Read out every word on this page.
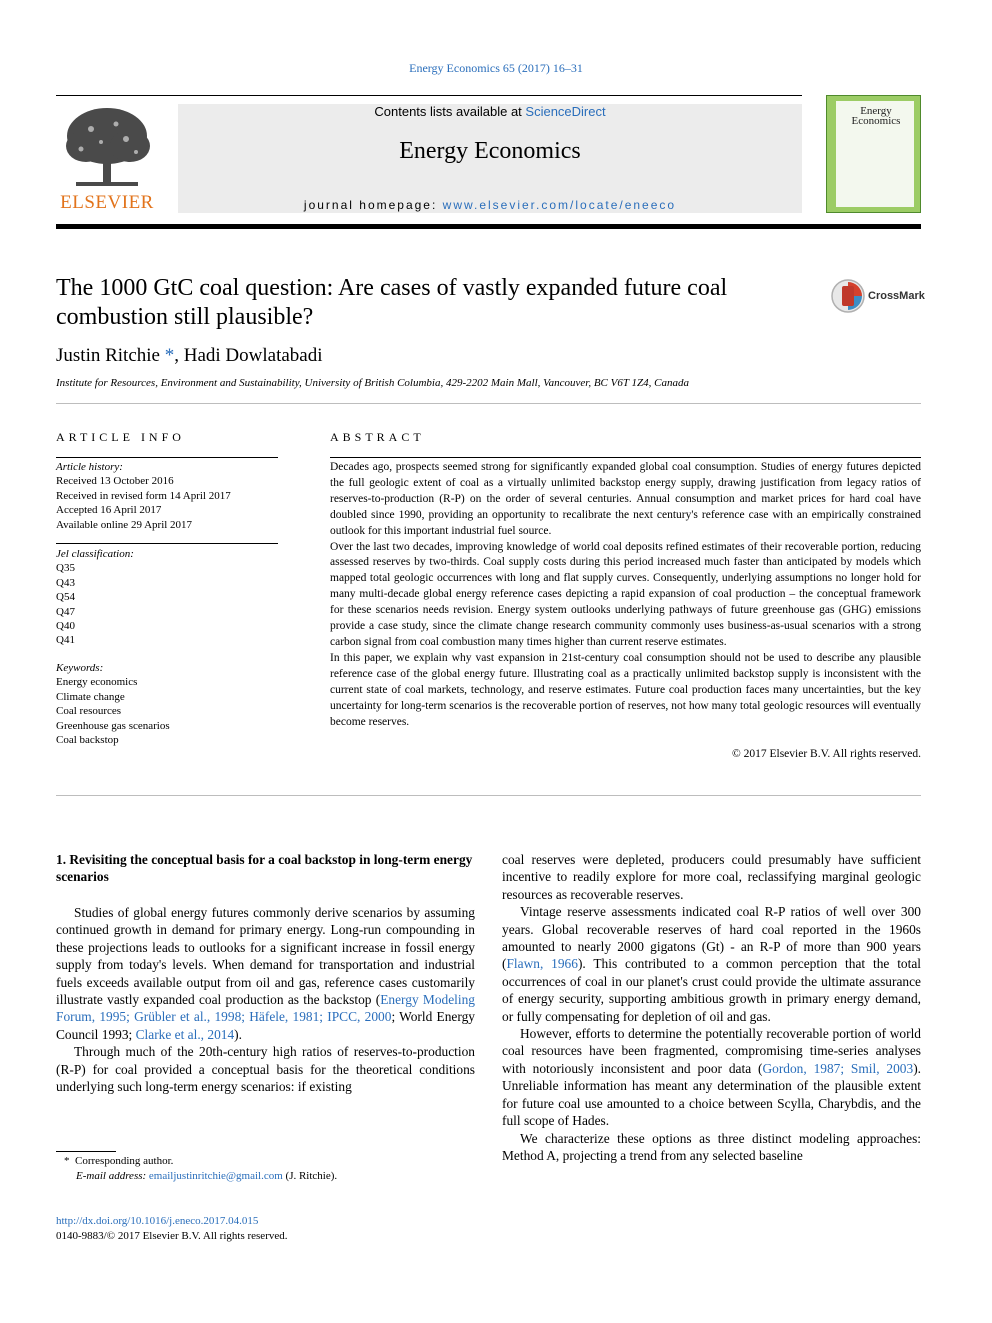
Energy Economics 65 (2017) 16–31
ELSEVIER
Contents lists available at ScienceDirect
Energy Economics
journal homepage: www.elsevier.com/locate/eneeco
Energy Economics
The 1000 GtC coal question: Are cases of vastly expanded future coal combustion still plausible?
CrossMark
Justin Ritchie *, Hadi Dowlatabadi
Institute for Resources, Environment and Sustainability, University of British Columbia, 429-2202 Main Mall, Vancouver, BC V6T 1Z4, Canada
ARTICLE INFO	ABSTRACT
Article history:
Received 13 October 2016
Received in revised form 14 April 2017
Accepted 16 April 2017
Available online 29 April 2017
Jel classification:
Q35
Q43
Q54
Q47
Q40
Q41
Keywords:
Energy economics
Climate change
Coal resources
Greenhouse gas scenarios
Coal backstop

Decades ago, prospects seemed strong for significantly expanded global coal consumption. Studies of energy futures depicted the full geologic extent of coal as a virtually unlimited backstop energy supply, drawing justification from legacy ratios of reserves-to-production (R-P) on the order of several centuries. Annual consumption and market prices for hard coal have doubled since 1990, providing an opportunity to recalibrate the next century's reference case with an empirically constrained outlook for this important industrial fuel source.

Over the last two decades, improving knowledge of world coal deposits refined estimates of their recoverable portion, reducing assessed reserves by two-thirds. Coal supply costs during this period increased much faster than anticipated by models which mapped total geologic occurrences with long and flat supply curves. Consequently, underlying assumptions no longer hold for many multi-decade global energy reference cases depicting a rapid expansion of coal production – the conceptual framework for these scenarios needs revision. Energy system outlooks underlying pathways of future greenhouse gas (GHG) emissions provide a case study, since the climate change research community commonly uses business-as-usual scenarios with a strong carbon signal from coal combustion many times higher than current reserve estimates.

In this paper, we explain why vast expansion in 21st-century coal consumption should not be used to describe any plausible reference case of the global energy future. Illustrating coal as a practically unlimited backstop supply is inconsistent with the current state of coal markets, technology, and reserve estimates. Future coal production faces many uncertainties, but the key uncertainty for long-term scenarios is the recoverable portion of reserves, not how many total geologic resources will eventually become reserves.

© 2017 Elsevier B.V. All rights reserved.
1. Revisiting the conceptual basis for a coal backstop in long-term energy scenarios

Studies of global energy futures commonly derive scenarios by assuming continued growth in demand for primary energy. Long-run compounding in these projections leads to outlooks for a significant increase in fossil energy supply from today's levels. When demand for transportation and industrial fuels exceeds available output from oil and gas, reference cases customarily illustrate vastly expanded coal production as the backstop (Energy Modeling Forum, 1995; Grübler et al., 1998; Häfele, 1981; IPCC, 2000; World Energy Council 1993; Clarke et al., 2014).

Through much of the 20th-century high ratios of reserves-to-production (R-P) for coal provided a conceptual basis for the theoretical conditions underlying such long-term energy scenarios: if existing

coal reserves were depleted, producers could presumably have sufficient incentive to readily explore for more coal, reclassifying marginal geologic resources as recoverable reserves.

Vintage reserve assessments indicated coal R-P ratios of well over 300 years. Global recoverable reserves of hard coal reported in the 1960s amounted to nearly 2000 gigatons (Gt) - an R-P of more than 900 years (Flawn, 1966). This contributed to a common perception that the total occurrences of coal in our planet's crust could provide the ultimate assurance of energy security, supporting ambitious growth in primary energy demand, or fully compensating for depletion of oil and gas.

However, efforts to determine the potentially recoverable portion of world coal resources have been fragmented, compromising time-series analyses with notoriously inconsistent and poor data (Gordon, 1987; Smil, 2003). Unreliable information has meant any determination of the plausible extent for future coal use amounted to a choice between Scylla, Charybdis, and the full scope of Hades.

We characterize these options as three distinct modeling approaches: Method A, projecting a trend from any selected baseline

* Corresponding author.
E-mail address: emailjustinritchie@gmail.com (J. Ritchie).
http://dx.doi.org/10.1016/j.eneco.2017.04.015
0140-9883/© 2017 Elsevier B.V. All rights reserved.
